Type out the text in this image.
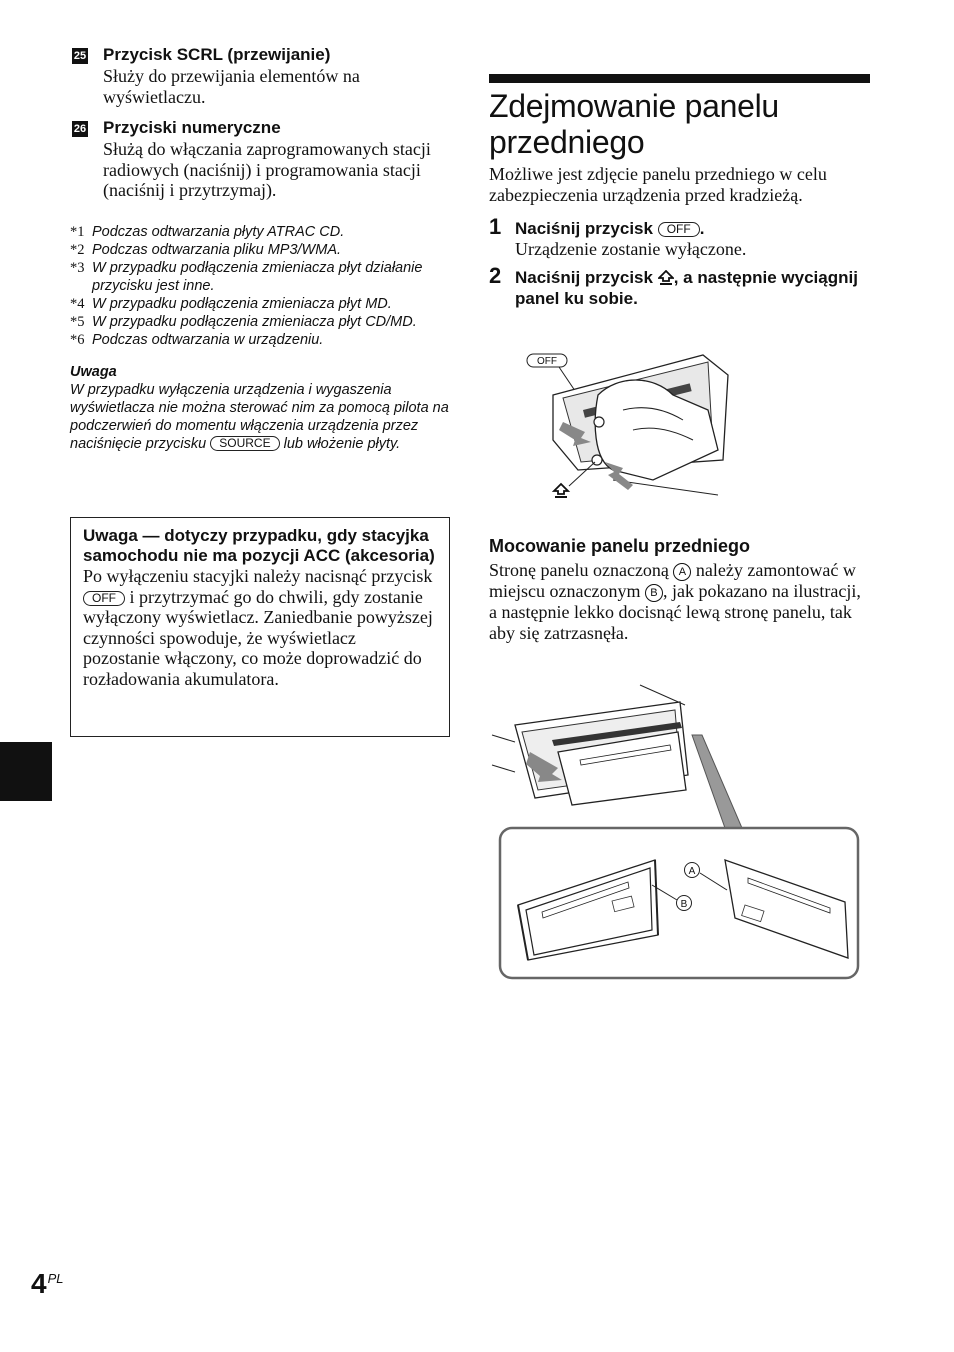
25 Przycisk SCRL (przewijanie)
Służy do przewijania elementów na wyświetlaczu.
26 Przyciski numeryczne
Służą do włączania zaprogramowanych stacji radiowych (naciśnij) i programowania stacji (naciśnij i przytrzymaj).
*1 Podczas odtwarzania płyty ATRAC CD.
*2 Podczas odtwarzania pliku MP3/WMA.
*3 W przypadku podłączenia zmieniacza płyt działanie przycisku jest inne.
*4 W przypadku podłączenia zmieniacza płyt MD.
*5 W przypadku podłączenia zmieniacza płyt CD/MD.
*6 Podczas odtwarzania w urządzeniu.
Uwaga
W przypadku wyłączenia urządzenia i wygaszenia wyświetlacza nie można sterować nim za pomocą pilota na podczerwień do momentu włączenia urządzenia przez naciśnięcie przycisku SOURCE lub włożenie płyty.
Uwaga — dotyczy przypadku, gdy stacyjka samochodu nie ma pozycji ACC (akcesoria)
Po wyłączeniu stacyjki należy nacisnąć przycisk OFF i przytrzymać go do chwili, gdy zostanie wyłączony wyświetlacz. Zaniedbanie powyższej czynności spowoduje, że wyświetlacz pozostanie włączony, co może doprowadzić do rozładowania akumulatora.
Zdejmowanie panelu przedniego
Możliwe jest zdjęcie panelu przedniego w celu zabezpieczenia urządzenia przed kradzieżą.
1 Naciśnij przycisk OFF .
Urządzenie zostanie wyłączone.
2 Naciśnij przycisk , a następnie wyciągnij panel ku sobie.
OFF
Mocowanie panelu przedniego
Stronę panelu oznaczoną A należy zamontować w miejscu oznaczonym B , jak pokazano na ilustracji, a następnie lekko docisnąć lewą stronę panelu, tak aby się zatrzasnęła.
A
B
$4^{PL}$
